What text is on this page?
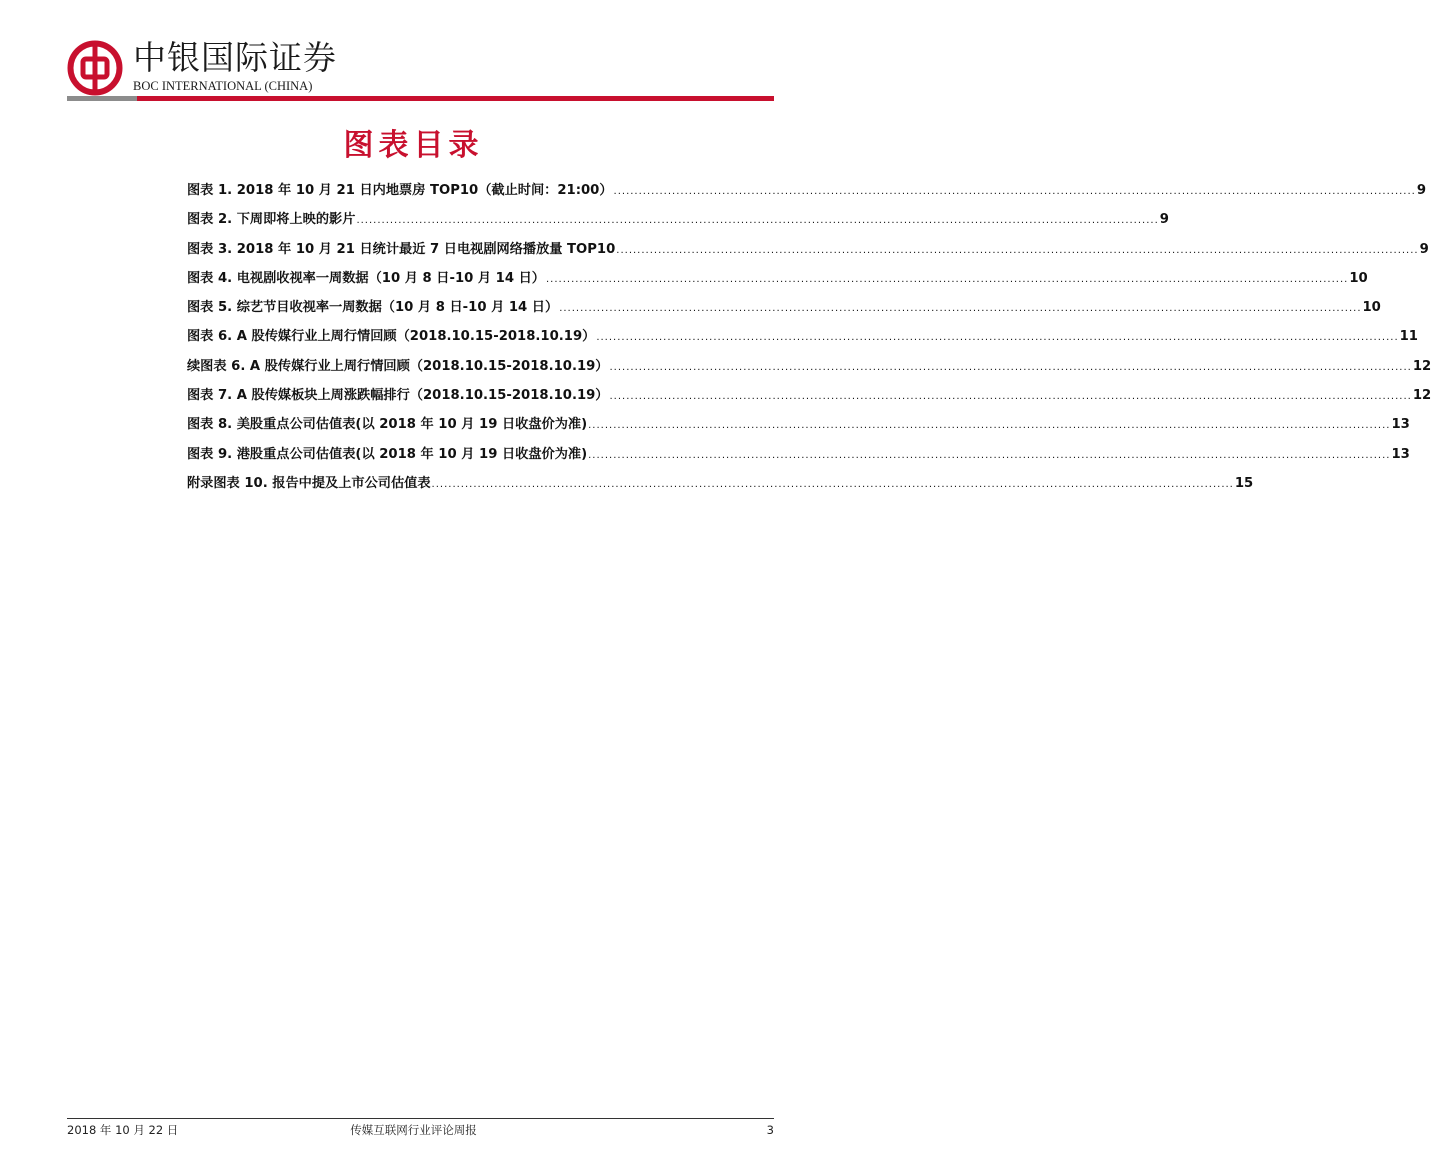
中银国际证券
BOC INTERNATIONAL (CHINA)
图表目录
图表 1. 2018 年 10 月 21 日内地票房 TOP10（截止时间：21:00） .....	9
图表 2. 下周即将上映的影片 .....	9
图表 3. 2018 年 10 月 21 日统计最近 7 日电视剧网络播放量 TOP10 .....	9
图表 4. 电视剧收视率一周数据（10 月 8 日-10 月 14 日） .....	10
图表 5. 综艺节目收视率一周数据（10 月 8 日-10 月 14 日） .....	10
图表 6. A 股传媒行业上周行情回顾（2018.10.15-2018.10.19） .....	11
续图表 6. A 股传媒行业上周行情回顾（2018.10.15-2018.10.19） .....	12
图表 7. A 股传媒板块上周涨跌幅排行（2018.10.15-2018.10.19） .....	12
图表 8. 美股重点公司估值表(以 2018 年 10 月 19 日收盘价为准) .....	13
图表 9. 港股重点公司估值表(以 2018 年 10 月 19 日收盘价为准) .....	13
附录图表 10. 报告中提及上市公司估值表 .....	15
2018 年 10 月 22 日	传媒互联网行业评论周报	3
